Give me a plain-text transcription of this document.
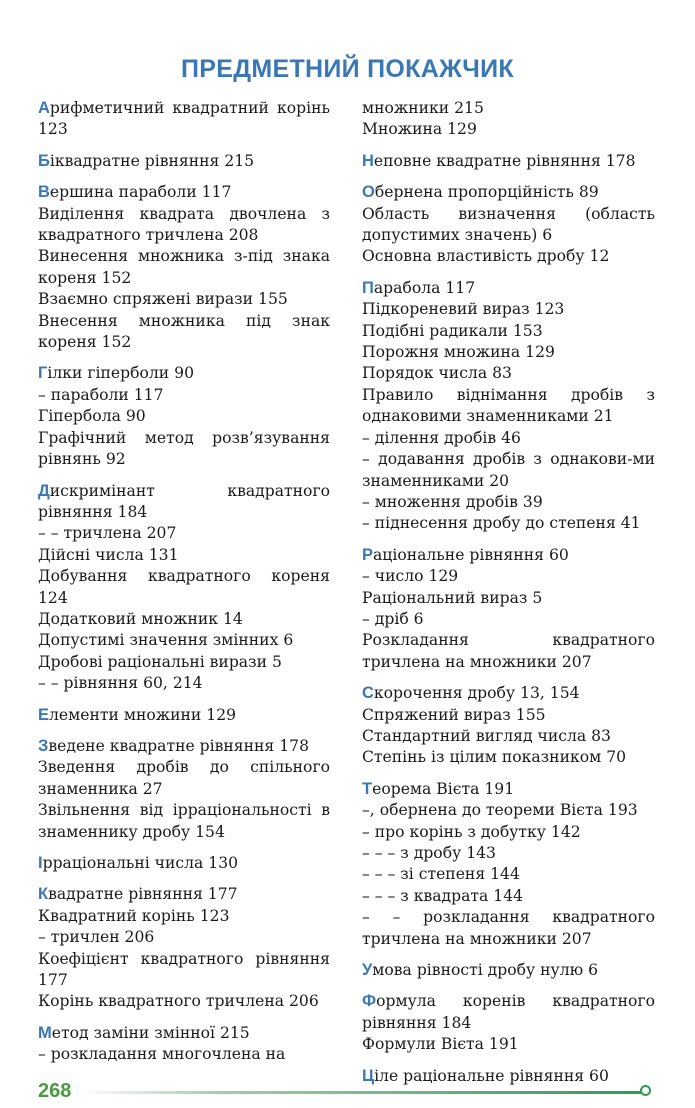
ПРЕДМЕТНИЙ ПОКАЖЧИК
Арифметичний квадратний корінь 123
Біквадратне рівняння 215
Вершина параболи 117
Виділення квадрата двочлена з квадратного тричлена 208
Винесення множника з-під знака кореня 152
Взаємно спряжені вирази 155
Внесення множника під знак кореня 152
Гілки гіперболи 90
– параболи 117
Гіпербола 90
Графічний метод розв’язування рівнянь 92
Дискримінант квадратного рівняння 184
– – тричлена 207
Дійсні числа 131
Добування квадратного кореня 124
Додатковий множник 14
Допустимі значення змінних 6
Дробові раціональні вирази 5
– – рівняння 60, 214
Елементи множини 129
Зведене квадратне рівняння 178
Зведення дробів до спільного знаменника 27
Звільнення від ірраціональності в знаменнику дробу 154
Ірраціональні числа 130
Квадратне рівняння 177
Квадратний корінь 123
– тричлен 206
Коефіцієнт квадратного рівняння 177
Корінь квадратного тричлена 206
Метод заміни змінної 215
– розкладання многочлена на
множники 215
Множина 129
Неповне квадратне рівняння 178
Обернена пропорційність 89
Область визначення (область допустимих значень) 6
Основна властивість дробу 12
Парабола 117
Підкореневий вираз 123
Подібні радикали 153
Порожня множина 129
Порядок числа 83
Правило віднімання дробів з однаковими знаменниками 21
– ділення дробів 46
– додавання дробів з однакови-ми знаменниками 20
– множення дробів 39
– піднесення дробу до степеня 41
Раціональне рівняння 60
– число 129
Раціональний вираз 5
– дріб 6
Розкладання квадратного тричлена на множники 207
Скорочення дробу 13, 154
Спряжений вираз 155
Стандартний вигляд числа 83
Степінь із цілим показником 70
Теорема Вієта 191
–, обернена до теореми Вієта 193
– про корінь з добутку 142
– – – з дробу 143
– – – зі степеня 144
– – – з квадрата 144
– – розкладання квадратного тричлена на множники 207
Умова рівності дробу нулю 6
Формула коренів квадратного рівняння 184
Формули Вієта 191
Ціле раціональне рівняння 60
268
